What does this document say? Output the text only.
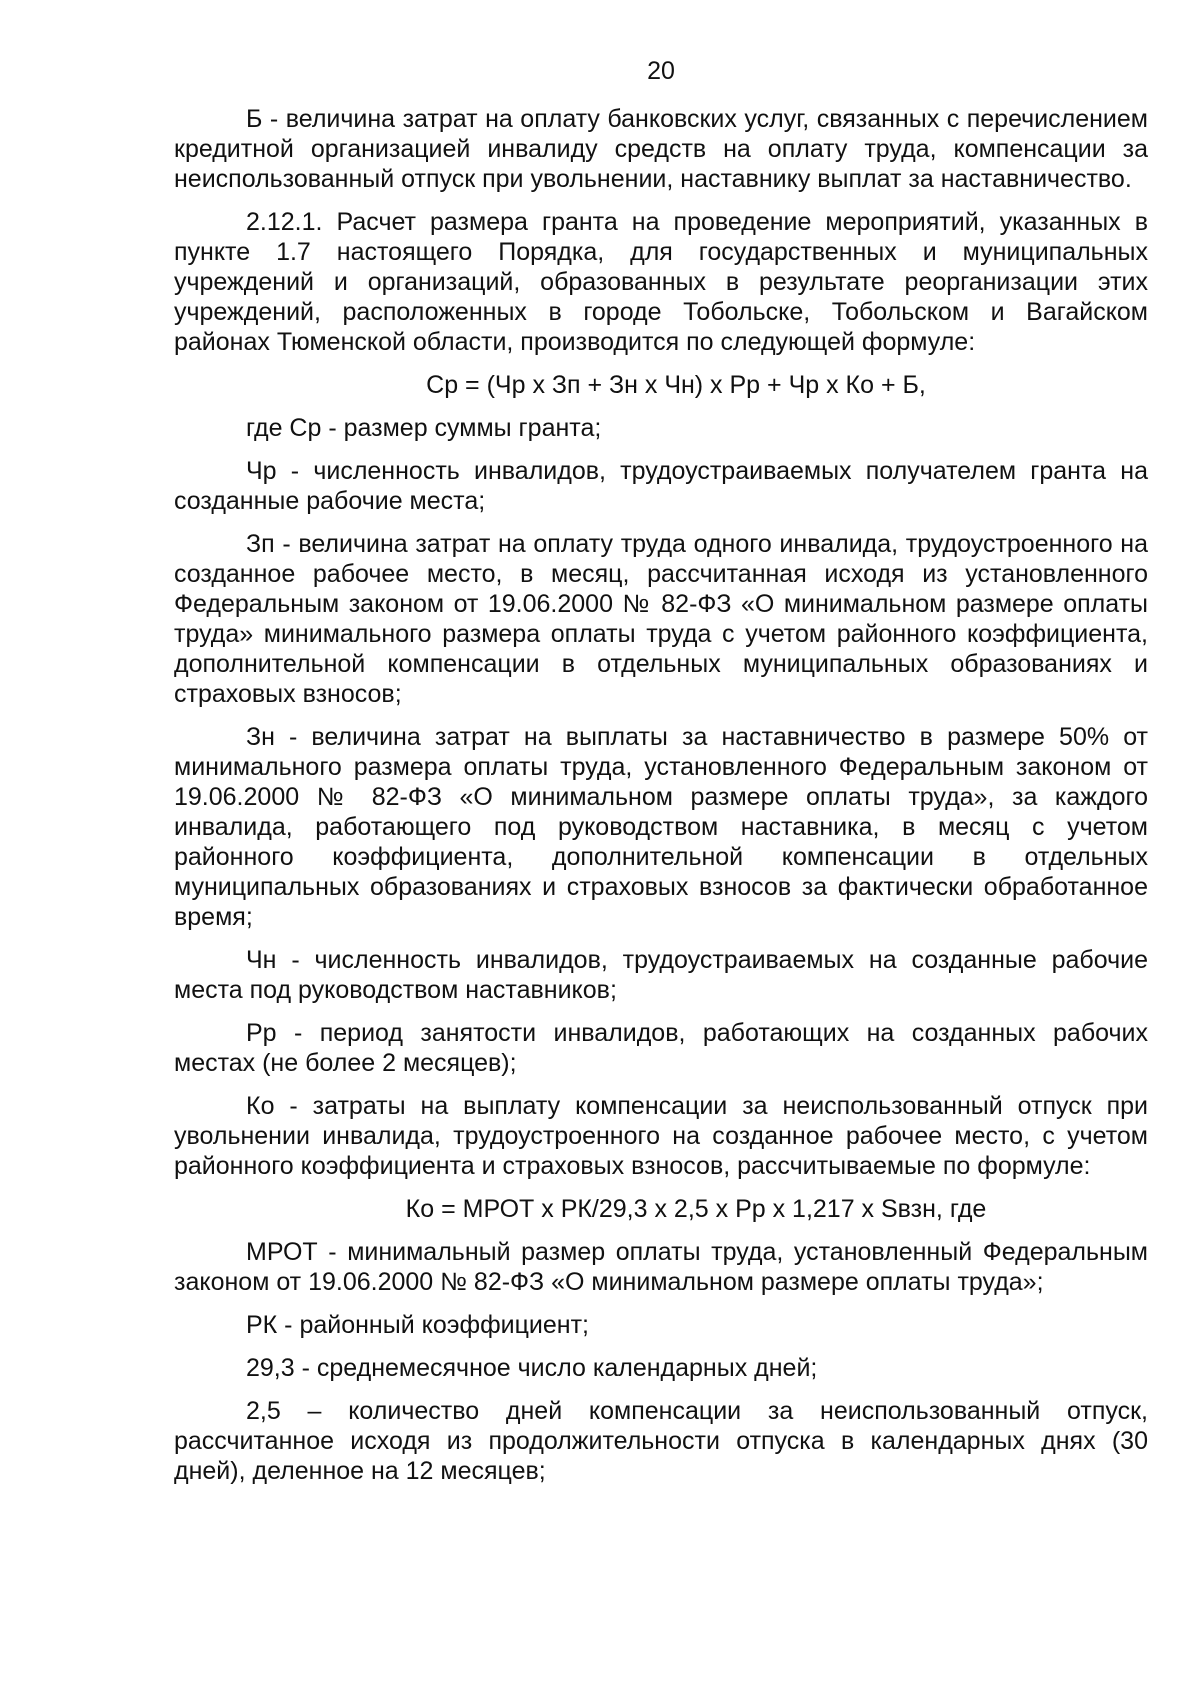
20

Б - величина затрат на оплату банковских услуг, связанных с перечислением кредитной организацией инвалиду средств на оплату труда, компенсации за неиспользованный отпуск при увольнении, наставнику выплат за наставничество.

2.12.1. Расчет размера гранта на проведение мероприятий, указанных в пункте 1.7 настоящего Порядка, для государственных и муниципальных учреждений и организаций, образованных в результате реорганизации этих учреждений, расположенных в городе Тобольске, Тобольском и Вагайском районах Тюменской области, производится по следующей формуле:

Ср = (Чр х Зп + Зн х Чн) х Рр + Чр х Ко + Б,

где Ср - размер суммы гранта;

Чр - численность инвалидов, трудоустраиваемых получателем гранта на созданные рабочие места;

Зп - величина затрат на оплату труда одного инвалида, трудоустроенного на созданное рабочее место, в месяц, рассчитанная исходя из установленного Федеральным законом от 19.06.2000 № 82-ФЗ «О минимальном размере оплаты труда» минимального размера оплаты труда с учетом районного коэффициента, дополнительной компенсации в отдельных муниципальных образованиях и страховых взносов;

Зн - величина затрат на выплаты за наставничество в размере 50% от минимального размера оплаты труда, установленного Федеральным законом от 19.06.2000 № 82-ФЗ «О минимальном размере оплаты труда», за каждого инвалида, работающего под руководством наставника, в месяц с учетом районного коэффициента, дополнительной компенсации в отдельных муниципальных образованиях и страховых взносов за фактически обработанное время;

Чн - численность инвалидов, трудоустраиваемых на созданные рабочие места под руководством наставников;

Рр - период занятости инвалидов, работающих на созданных рабочих местах (не более 2 месяцев);

Ко - затраты на выплату компенсации за неиспользованный отпуск при увольнении инвалида, трудоустроенного на созданное рабочее место, с учетом районного коэффициента и страховых взносов, рассчитываемые по формуле:

Ко = МРОТ х РК/29,3 х 2,5 х Рр х 1,217 х Sвзн, где

МРОТ - минимальный размер оплаты труда, установленный Федеральным законом от 19.06.2000 № 82-ФЗ «О минимальном размере оплаты труда»;

РК - районный коэффициент;

29,3 - среднемесячное число календарных дней;

2,5 – количество дней компенсации за неиспользованный отпуск, рассчитанное исходя из продолжительности отпуска в календарных днях (30 дней), деленное на 12 месяцев;
